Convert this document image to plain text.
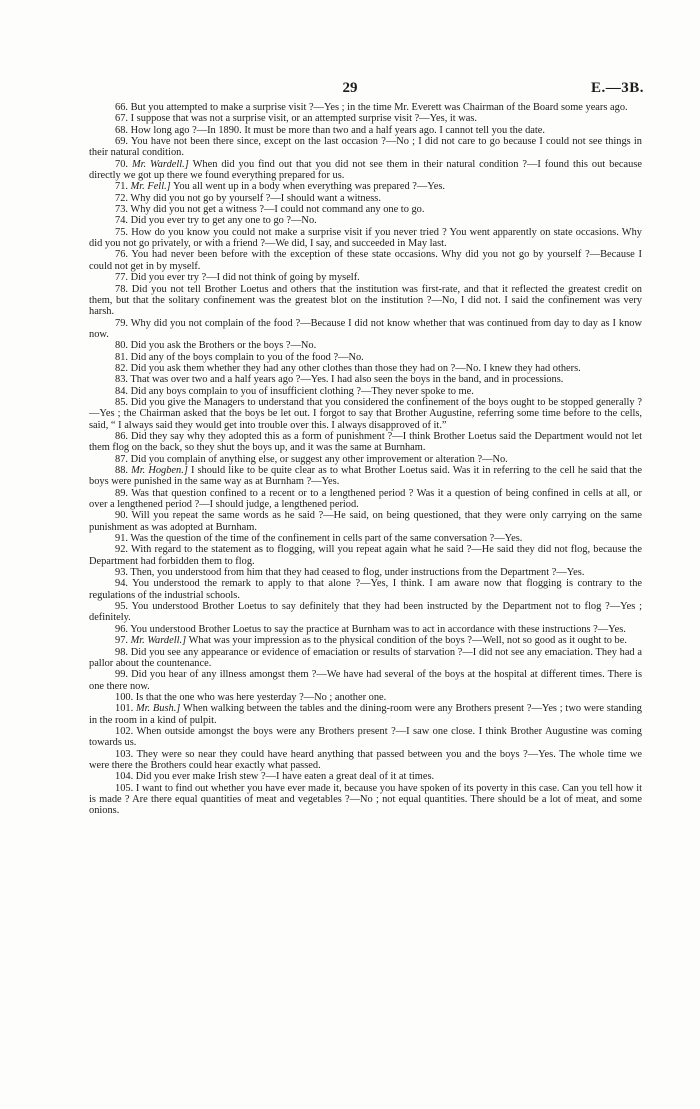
29	E.—3B.

66. But you attempted to make a surprise visit ?—Yes ; in the time Mr. Everett was Chairman of the Board some years ago.

67. I suppose that was not a surprise visit, or an attempted surprise visit ?—Yes, it was.

68. How long ago ?—In 1890. It must be more than two and a half years ago. I cannot tell you the date.

69. You have not been there since, except on the last occasion ?—No ; I did not care to go because I could not see things in their natural condition.

70. Mr. Wardell.] When did you find out that you did not see them in their natural condition ?—I found this out because directly we got up there we found everything prepared for us.

71. Mr. Fell.] You all went up in a body when everything was prepared ?—Yes.

72. Why did you not go by yourself ?—I should want a witness.

73. Why did you not get a witness ?—I could not command any one to go.

74. Did you ever try to get any one to go ?—No.

75. How do you know you could not make a surprise visit if you never tried ? You went apparently on state occasions. Why did you not go privately, or with a friend ?—We did, I say, and succeeded in May last.

76. You had never been before with the exception of these state occasions. Why did you not go by yourself ?—Because I could not get in by myself.

77. Did you ever try ?—I did not think of going by myself.

78. Did you not tell Brother Loetus and others that the institution was first-rate, and that it reflected the greatest credit on them, but that the solitary confinement was the greatest blot on the institution ?—No, I did not. I said the confinement was very harsh.

79. Why did you not complain of the food ?—Because I did not know whether that was continued from day to day as I know now.

80. Did you ask the Brothers or the boys ?—No.

81. Did any of the boys complain to you of the food ?—No.

82. Did you ask them whether they had any other clothes than those they had on ?—No. I knew they had others.

83. That was over two and a half years ago ?—Yes. I had also seen the boys in the band, and in processions.

84. Did any boys complain to you of insufficient clothing ?—They never spoke to me.

85. Did you give the Managers to understand that you considered the confinement of the boys ought to be stopped generally ?—Yes ; the Chairman asked that the boys be let out. I forgot to say that Brother Augustine, referring some time before to the cells, said, “ I always said they would get into trouble over this. I always disapproved of it.”

86. Did they say why they adopted this as a form of punishment ?—I think Brother Loetus said the Department would not let them flog on the back, so they shut the boys up, and it was the same at Burnham.

87. Did you complain of anything else, or suggest any other improvement or alteration ?—No.

88. Mr. Hogben.] I should like to be quite clear as to what Brother Loetus said. Was it in referring to the cell he said that the boys were punished in the same way as at Burnham ?—Yes.

89. Was that question confined to a recent or to a lengthened period ? Was it a question of being confined in cells at all, or over a lengthened period ?—I should judge, a lengthened period.

90. Will you repeat the same words as he said ?—He said, on being questioned, that they were only carrying on the same punishment as was adopted at Burnham.

91. Was the question of the time of the confinement in cells part of the same conversation ?—Yes.

92. With regard to the statement as to flogging, will you repeat again what he said ?—He said they did not flog, because the Department had forbidden them to flog.

93. Then, you understood from him that they had ceased to flog, under instructions from the Department ?—Yes.

94. You understood the remark to apply to that alone ?—Yes, I think. I am aware now that flogging is contrary to the regulations of the industrial schools.

95. You understood Brother Loetus to say definitely that they had been instructed by the Department not to flog ?—Yes ; definitely.

96. You understood Brother Loetus to say the practice at Burnham was to act in accordance with these instructions ?—Yes.

97. Mr. Wardell.] What was your impression as to the physical condition of the boys ?—Well, not so good as it ought to be.

98. Did you see any appearance or evidence of emaciation or results of starvation ?—I did not see any emaciation. They had a pallor about the countenance.

99. Did you hear of any illness amongst them ?—We have had several of the boys at the hospital at different times. There is one there now.

100. Is that the one who was here yesterday ?—No ; another one.

101. Mr. Bush.] When walking between the tables and the dining-room were any Brothers present ?—Yes ; two were standing in the room in a kind of pulpit.

102. When outside amongst the boys were any Brothers present ?—I saw one close. I think Brother Augustine was coming towards us.

103. They were so near they could have heard anything that passed between you and the boys ?—Yes. The whole time we were there the Brothers could hear exactly what passed.

104. Did you ever make Irish stew ?—I have eaten a great deal of it at times.

105. I want to find out whether you have ever made it, because you have spoken of its poverty in this case. Can you tell how it is made ? Are there equal quantities of meat and vegetables ?—No ; not equal quantities. There should be a lot of meat, and some onions.
